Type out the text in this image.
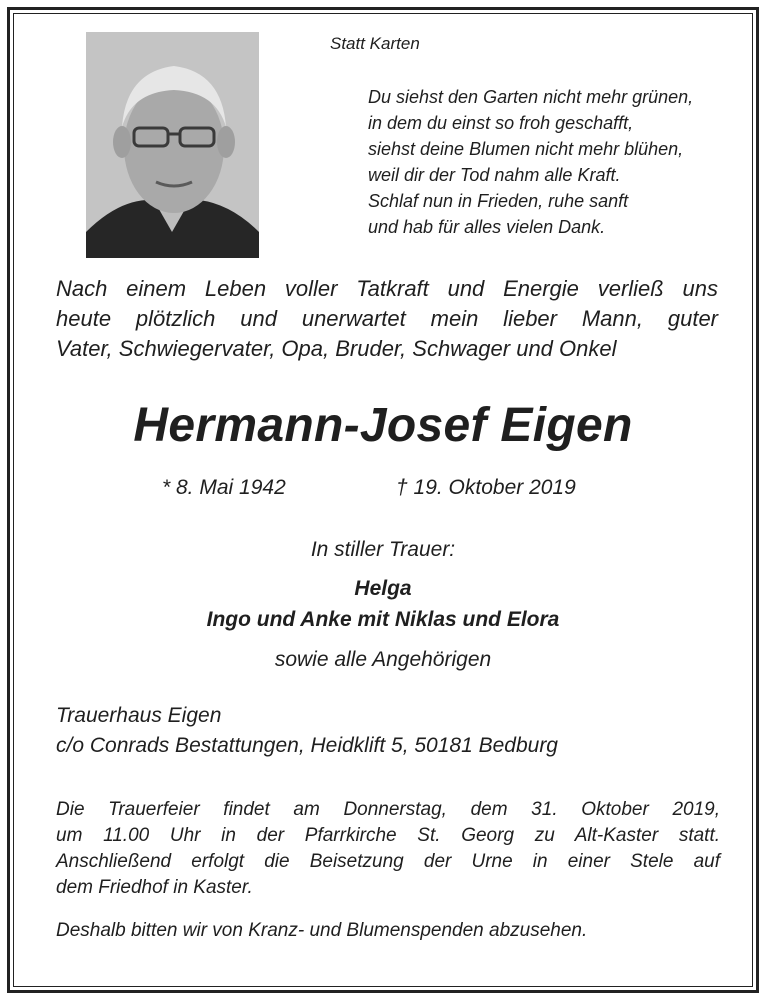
Statt Karten
Du siehst den Garten nicht mehr grünen,
in dem du einst so froh geschafft,
siehst deine Blumen nicht mehr blühen,
weil dir der Tod nahm alle Kraft.
Schlaf nun in Frieden, ruhe sanft
und hab für alles vielen Dank.
Nach einem Leben voller Tatkraft und Energie verließ uns
heute plötzlich und unerwartet mein lieber Mann, guter
Vater, Schwiegervater, Opa, Bruder, Schwager und Onkel
Hermann-Josef Eigen
* 8. Mai 1942	† 19. Oktober 2019
In stiller Trauer:
Helga
Ingo und Anke mit Niklas und Elora
sowie alle Angehörigen
Trauerhaus Eigen
c/o Conrads Bestattungen, Heidklift 5, 50181 Bedburg
Die Trauerfeier findet am Donnerstag, dem 31. Oktober 2019,
um 11.00 Uhr in der Pfarrkirche St. Georg zu Alt-Kaster statt.
Anschließend erfolgt die Beisetzung der Urne in einer Stele auf
dem Friedhof in Kaster.
Deshalb bitten wir von Kranz- und Blumenspenden abzusehen.
